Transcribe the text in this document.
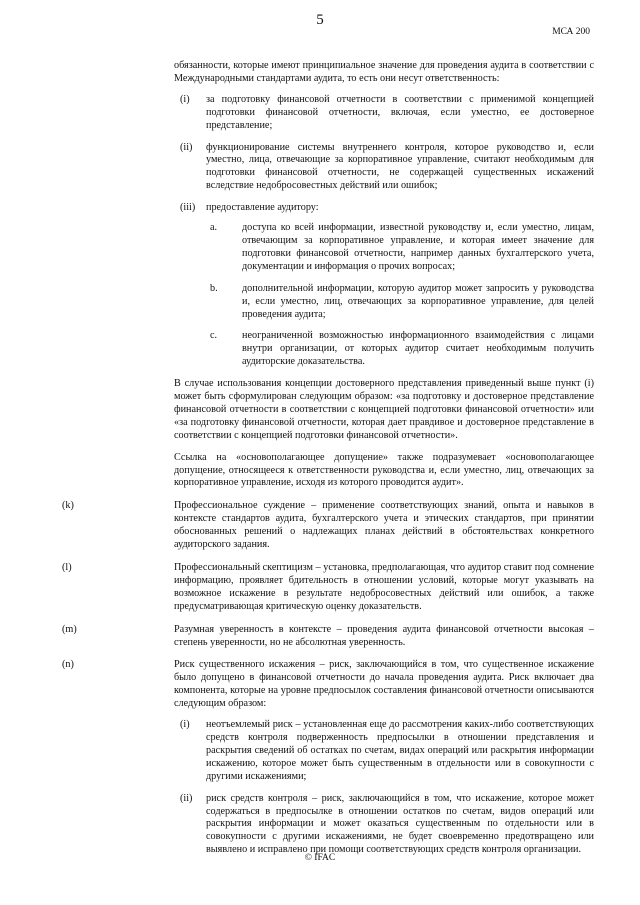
5
МСА 200
обязанности, которые имеют принципиальное значение для проведения аудита в соответствии с Международными стандартами аудита, то есть они несут ответственность:
(i)	за подготовку финансовой отчетности в соответствии с применимой концепцией подготовки финансовой отчетности, включая, если уместно, ее достоверное представление;
(ii)	функционирование системы внутреннего контроля, которое руководство и, если уместно, лица, отвечающие за корпоративное управление, считают необходимым для подготовки финансовой отчетности, не содержащей существенных искажений вследствие недобросовестных действий или ошибок;
(iii)	предоставление аудитору:
a.	доступа ко всей информации, известной руководству и, если уместно, лицам, отвечающим за корпоративное управление, и которая имеет значение для подготовки финансовой отчетности, например данных бухгалтерского учета, документации и информация о прочих вопросах;
b.	дополнительной информации, которую аудитор может запросить у руководства и, если уместно, лиц, отвечающих за корпоративное управление, для целей проведения аудита;
c.	неограниченной возможностью информационного взаимодействия с лицами внутри организации, от которых аудитор считает необходимым получить аудиторские доказательства.
В случае использования концепции достоверного представления приведенный выше пункт (i) может быть сформулирован следующим образом: «за подготовку и достоверное представление финансовой отчетности в соответствии с концепцией подготовки финансовой отчетности» или «за подготовку финансовой отчетности, которая дает правдивое и достоверное представление в соответствии с концепцией подготовки финансовой отчетности».
Ссылка на «основополагающее допущение» также подразумевает «основополагающее допущение, относящееся к ответственности руководства и, если уместно, лиц, отвечающих за корпоративное управление, исходя из которого проводится аудит».
(k)	Профессиональное суждение – применение соответствующих знаний, опыта и навыков в контексте стандартов аудита, бухгалтерского учета и этических стандартов, при принятии обоснованных решений о надлежащих планах действий в обстоятельствах конкретного аудиторского задания.
(l)	Профессиональный скептицизм – установка, предполагающая, что аудитор ставит под сомнение информацию, проявляет бдительность в отношении условий, которые могут указывать на возможное искажение в результате недобросовестных действий или ошибок, а также предусматривающая критическую оценку доказательств.
(m)	Разумная уверенность в контексте – проведения аудита финансовой отчетности высокая – степень уверенности, но не абсолютная уверенность.
(n)	Риск существенного искажения – риск, заключающийся в том, что существенное искажение было допущено в финансовой отчетности до начала проведения аудита. Риск включает два компонента, которые на уровне предпосылок составления финансовой отчетности описываются следующим образом:
(i)	неотъемлемый риск – установленная еще до рассмотрения каких-либо соответствующих средств контроля подверженность предпосылки в отношении представления и раскрытия сведений об остатках по счетам, видах операций или раскрытия информации искажению, которое может быть существенным в отдельности или в совокупности с другими искажениями;
(ii)	риск средств контроля – риск, заключающийся в том, что искажение, которое может содержаться в предпосылке в отношении остатков по счетам, видов операций или раскрытия информации и может оказаться существенным по отдельности или в совокупности с другими искажениями, не будет своевременно предотвращено или выявлено и исправлено при помощи соответствующих средств контроля организации.
© IFAC
